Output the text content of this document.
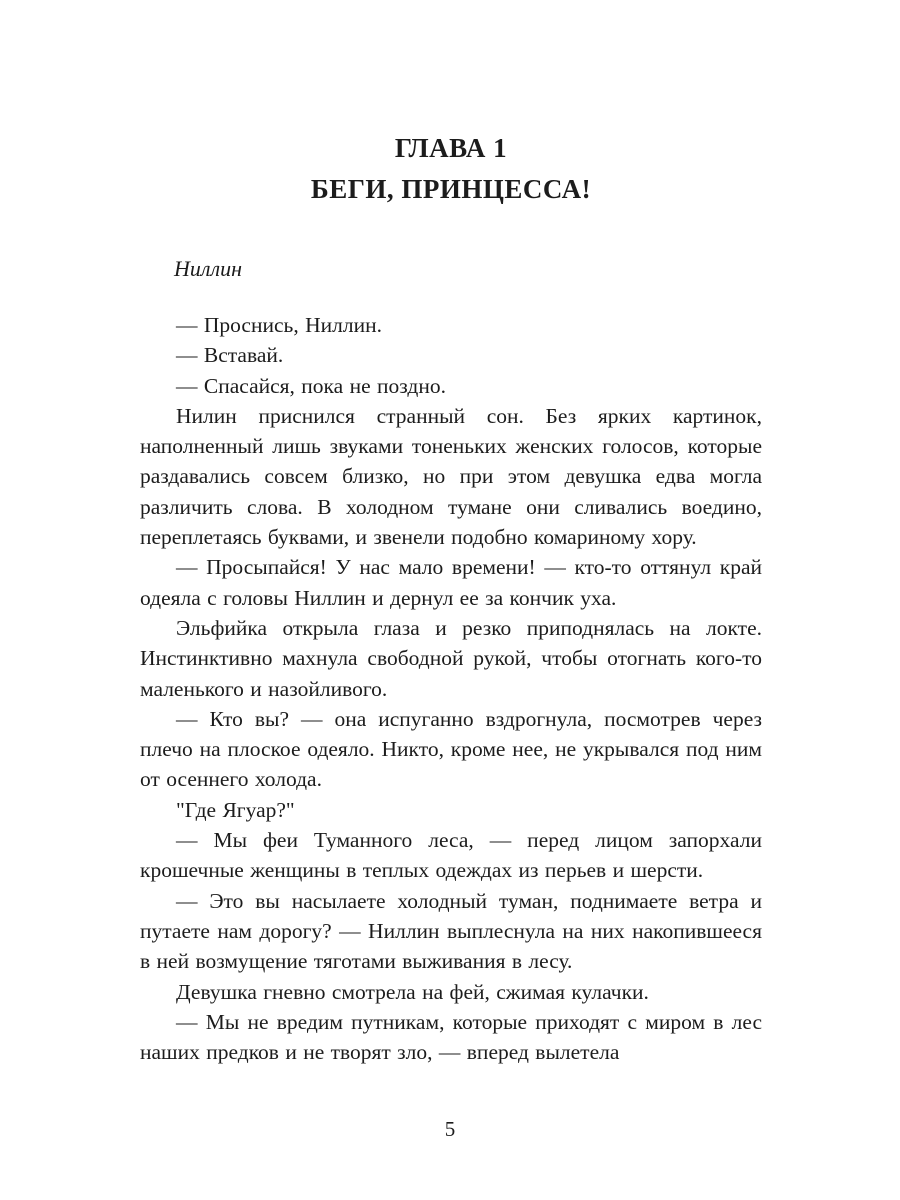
ГЛАВА 1
БЕГИ, ПРИНЦЕССА!

Ниллин

— Проснись, Ниллин.

— Вставай.

— Спасайся, пока не поздно.

Нилин приснился странный сон. Без ярких картинок, наполненный лишь звуками тоненьких женских голосов, которые раздавались совсем близко, но при этом девушка едва могла различить слова. В холодном тумане они сливались воедино, переплетаясь буквами, и звенели подобно комариному хору.

— Просыпайся! У нас мало времени! — кто-то оттянул край одеяла с головы Ниллин и дернул ее за кончик уха.

Эльфийка открыла глаза и резко приподнялась на локте. Инстинктивно махнула свободной рукой, чтобы отогнать кого-то маленького и назойливого.

— Кто вы? — она испуганно вздрогнула, посмотрев через плечо на плоское одеяло. Никто, кроме нее, не укрывался под ним от осеннего холода.

"Где Ягуар?"

— Мы феи Туманного леса, — перед лицом запорхали крошечные женщины в теплых одеждах из перьев и шерсти.

— Это вы насылаете холодный туман, поднимаете ветра и путаете нам дорогу? — Ниллин выплеснула на них накопившееся в ней возмущение тяготами выживания в лесу.

Девушка гневно смотрела на фей, сжимая кулачки.

— Мы не вредим путникам, которые приходят с миром в лес наших предков и не творят зло, — вперед вылетела

5
